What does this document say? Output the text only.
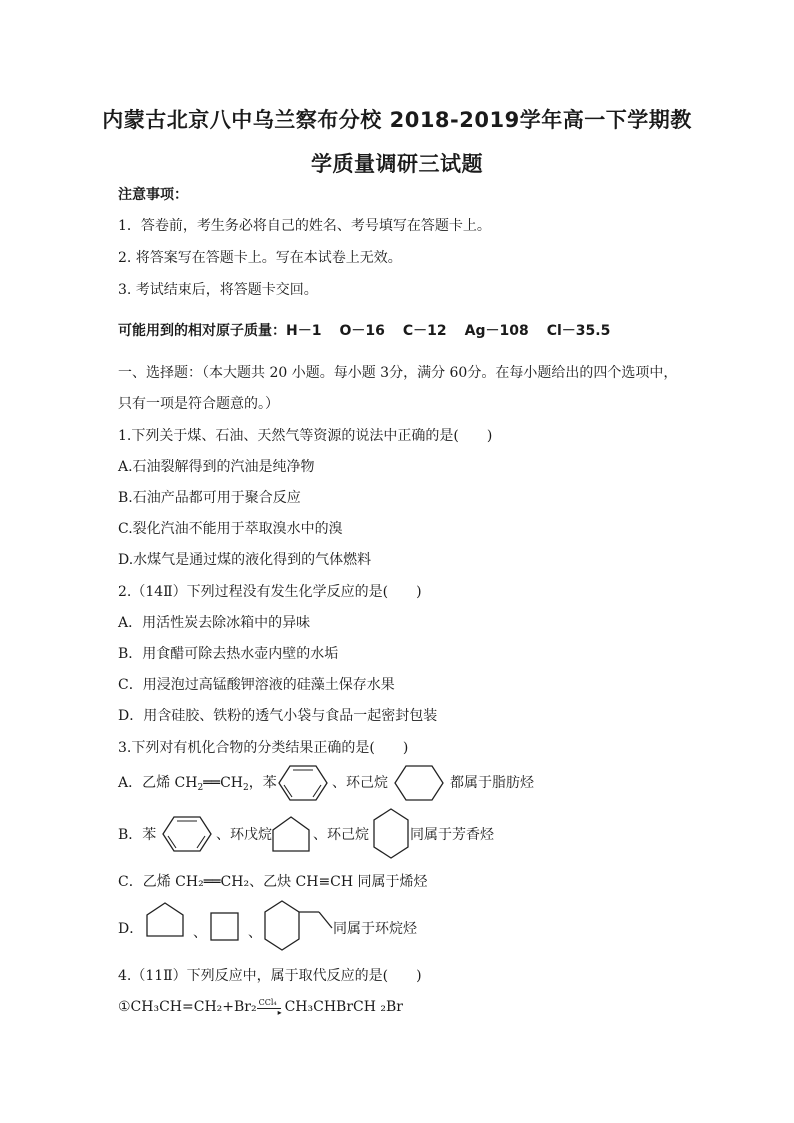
内蒙古北京八中乌兰察布分校 2018-2019学年高一下学期教
学质量调研三试题
注意事项：
1．答卷前，考生务必将自己的姓名、考号填写在答题卡上。
2. 将答案写在答题卡上。写在本试卷上无效。
3. 考试结束后，将答题卡交回。
可能用到的相对原子质量：H－1 O－16 C－12 Ag－108 Cl－35.5
一、选择题：（本大题共 20 小题。每小题 3分，满分 60分。在每小题给出的四个选项中，
只有一项是符合题意的。）
1.下列关于煤、石油、天然气等资源的说法中正确的是(　　)
A.石油裂解得到的汽油是纯净物
B.石油产品都可用于聚合反应
C.裂化汽油不能用于萃取溴水中的溴
D.水煤气是通过煤的液化得到的气体燃料
2.（14Ⅱ）下列过程没有发生化学反应的是(　　)
A．用活性炭去除冰箱中的异味
B．用食醋可除去热水壶内壁的水垢
C．用浸泡过高锰酸钾溶液的硅藻土保存水果
D．用含硅胶、铁粉的透气小袋与食品一起密封包装
3.下列对有机化合物的分类结果正确的是(　　)
A．乙烯 $CH_2══CH_2$，苯	、环己烷	都属于脂肪烃
B．苯	、环戊烷	、环己烷	同属于芳香烃
C．乙烯 CH₂══CH₂、乙炔 CH≡CH 同属于烯烃
D．	、	、	同属于环烷烃
4.（11Ⅱ）下列反应中，属于取代反应的是(　　)
①CH₃CH=CH₂+Br₂ CCl₄
▸ CH₃CHBrCH ₂Br
